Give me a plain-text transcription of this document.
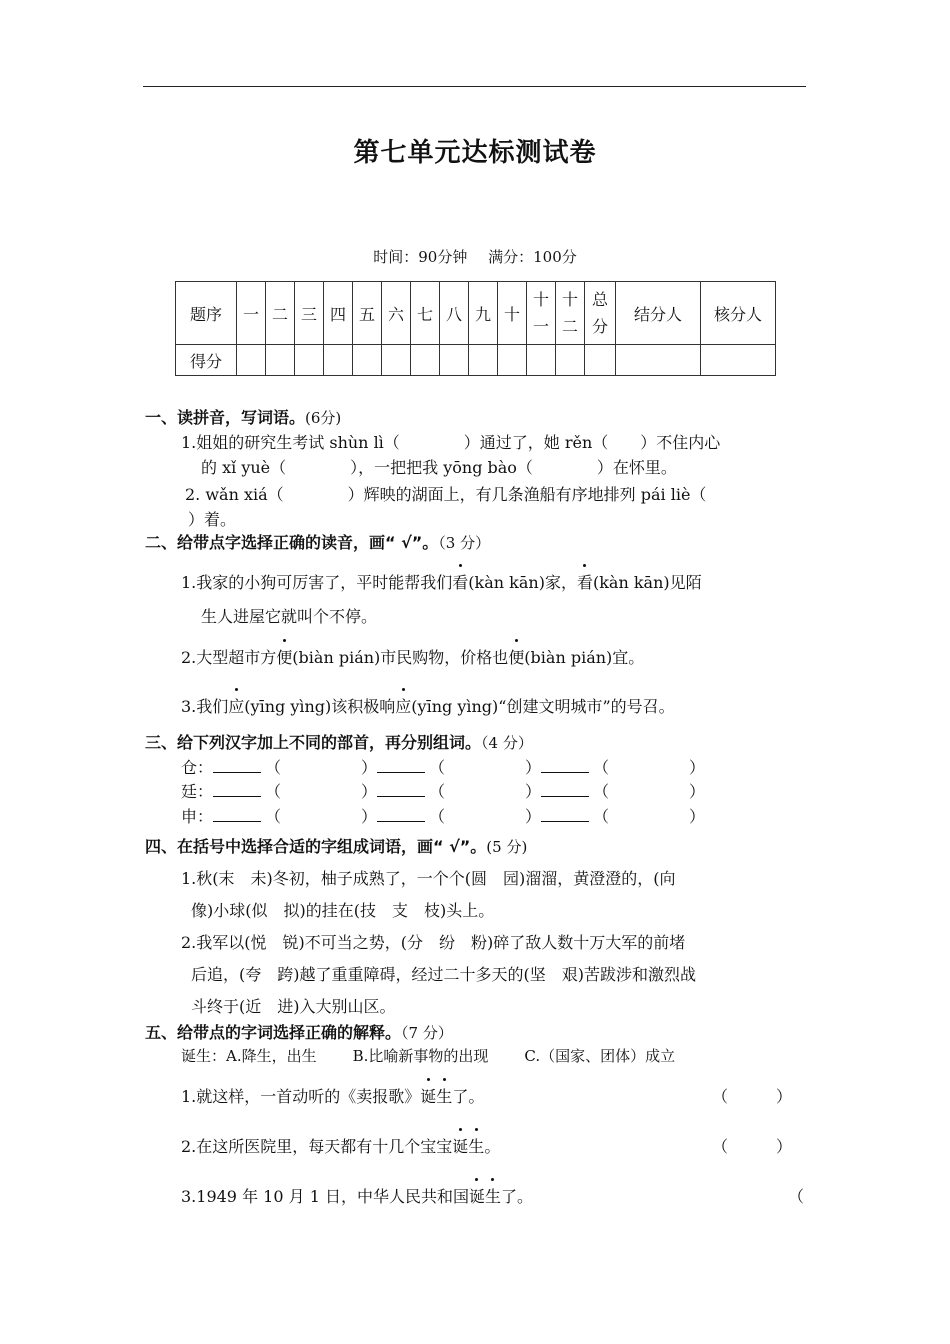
第七单元达标测试卷
时间：90分钟 满分：100分
题序	一	二	三	四	五	六	七	八	九	十	十一	十二	总分	结分人	核分人
得分															
一、读拼音，写词语。(6分)
1.姐姐的研究生考试 shùn lì（　　　　）通过了，她 rěn（　　）不住内心
的 xǐ yuè（　　　　），一把把我 yōng bào（　　　　）在怀里。
2. wǎn xiá（　　　　）辉映的湖面上，有几条渔船有序地排列 pái liè（
）着。
二、给带点字选择正确的读音，画“ √”。（3 分）
1.我家的小狗可厉害了，平时能帮我们看(kàn kān)家，看(kàn kān)见陌
生人进屋它就叫个不停。
2.大型超市方便(biàn pián)市民购物，价格也便(biàn pián)宜。
3.我们应(yīng yìng)该积极响应(yīng yìng)“创建文明城市”的号召。
三、给下列汉字加上不同的部首，再分别组词。（4 分）
仓：	（　　　　　）	（　　　　　）	（　　　　　）
廷：	（　　　　　）	（　　　　　）	（　　　　　）
申：	（　　　　　）	（　　　　　）	（　　　　　）
四、在括号中选择合适的字组成词语，画“ √”。(5 分)
1.秋(末　未)冬初，柚子成熟了，一个个(圆　园)溜溜，黄澄澄的，(向
像)小球(似　拟)的挂在(技　支　枝)头上。
2.我军以(悦　锐)不可当之势，(分　纷　粉)碎了敌人数十万大军的前堵
后追，(夸　跨)越了重重障碍，经过二十多天的(坚　艰)苦跋涉和激烈战
斗终于(近　进)入大别山区。
五、给带点的字词选择正确的解释。（7 分）
诞生：A.降生，出生 B.比喻新事物的出现 C.（国家、团体）成立
1.就这样，一首动听的《卖报歌》诞生了。	（　　　）
2.在这所医院里，每天都有十几个宝宝诞生。	（　　　）
3.1949 年 10 月 1 日，中华人民共和国诞生了。	（
